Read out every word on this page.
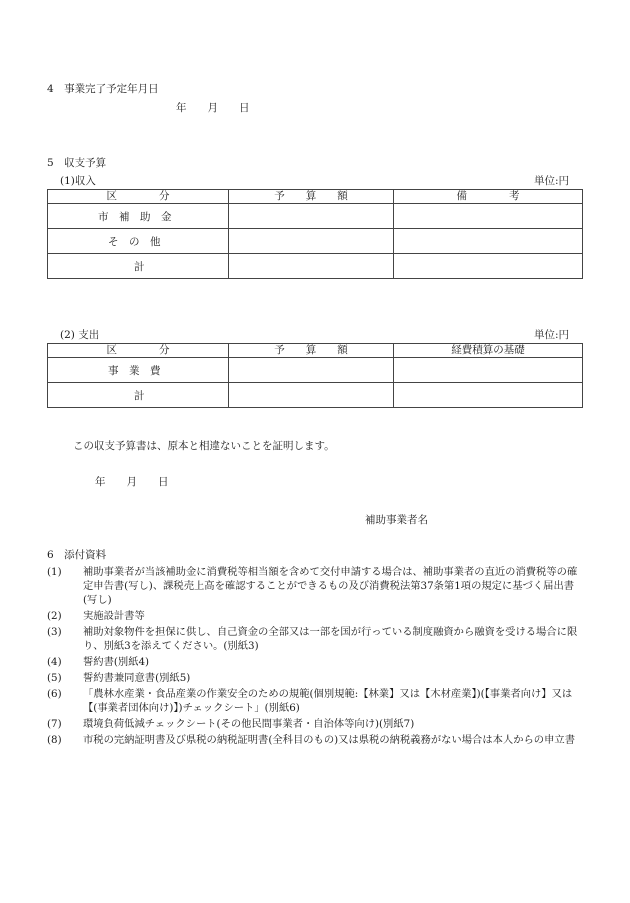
4　事業完了予定年月日
年　　月　　日
5　収支予算
(1)収入	単位:円
区　　　　分	予　　算　　額	備　　　　考
市　補　助　金		
そ　の　他		
計		
(2) 支出	単位:円
区　　　　分	予　　算　　額	経費積算の基礎
事　業　費		
計		
この収支予算書は、原本と相違ないことを証明します。
年　　月　　日
補助事業者名
6　添付資料
(1) 補助事業者が当該補助金に消費税等相当額を含めて交付申請する場合は、補助事業者の直近の消費税等の確定申告書(写し)、課税売上高を確認することができるもの及び消費税法第37条第1項の規定に基づく届出書(写し)
(2) 実施設計書等
(3) 補助対象物件を担保に供し、自己資金の全部又は一部を国が行っている制度融資から融資を受ける場合に限り、別紙3を添えてください。(別紙3)
(4) 誓約書(別紙4)
(5) 誓約書兼同意書(別紙5)
(6) 「農林水産業・食品産業の作業安全のための規範(個別規範:【林業】又は【木材産業】)(【事業者向け】又は【(事業者団体向け)】)チェックシート」(別紙6)
(7) 環境負荷低減チェックシート(その他民間事業者・自治体等向け)(別紙7)
(8) 市税の完納証明書及び県税の納税証明書(全科目のもの)又は県税の納税義務がない場合は本人からの申立書
